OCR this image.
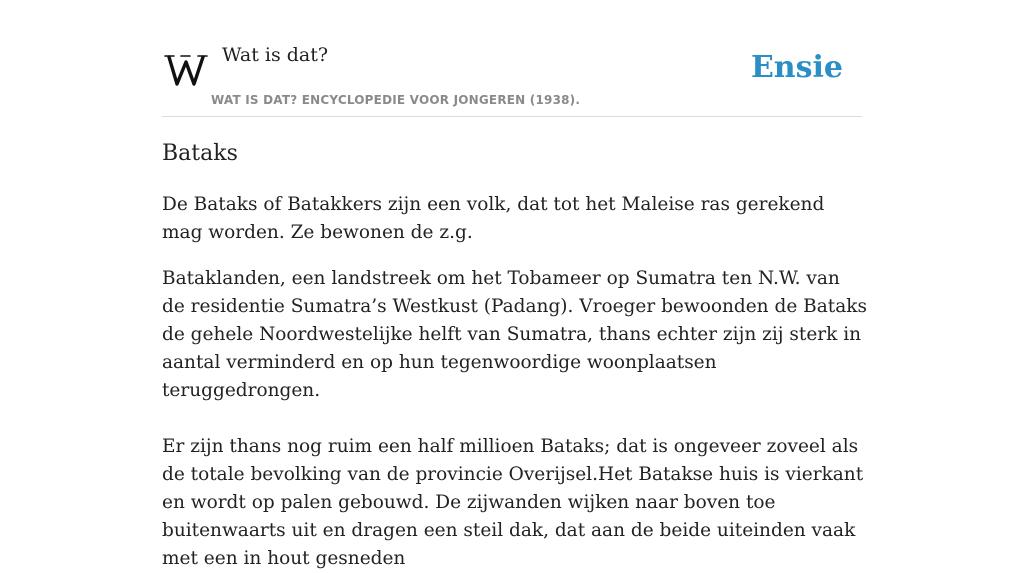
Wat is dat?
WAT IS DAT? ENCYCLOPEDIE VOOR JONGEREN (1938).
Ensie
Bataks

De Bataks of Batakkers zijn een volk, dat tot het Maleise ras gerekend mag worden. Ze bewonen de z.g.

Bataklanden, een landstreek om het Tobameer op Sumatra ten N.W. van de residentie Sumatra’s Westkust (Padang). Vroeger bewoonden de Bataks de gehele Noordwestelijke helft van Sumatra, thans echter zijn zij sterk in aantal verminderd en op hun tegenwoordige woonplaatsen teruggedrongen.

Er zijn thans nog ruim een half millioen Bataks; dat is ongeveer zoveel als de totale bevolking van de provincie Overijsel.Het Batakse huis is vierkant en wordt op palen gebouwd. De zijwanden wijken naar boven toe buitenwaarts uit en dragen een steil dak, dat aan de beide uiteinden vaak met een in hout gesneden
